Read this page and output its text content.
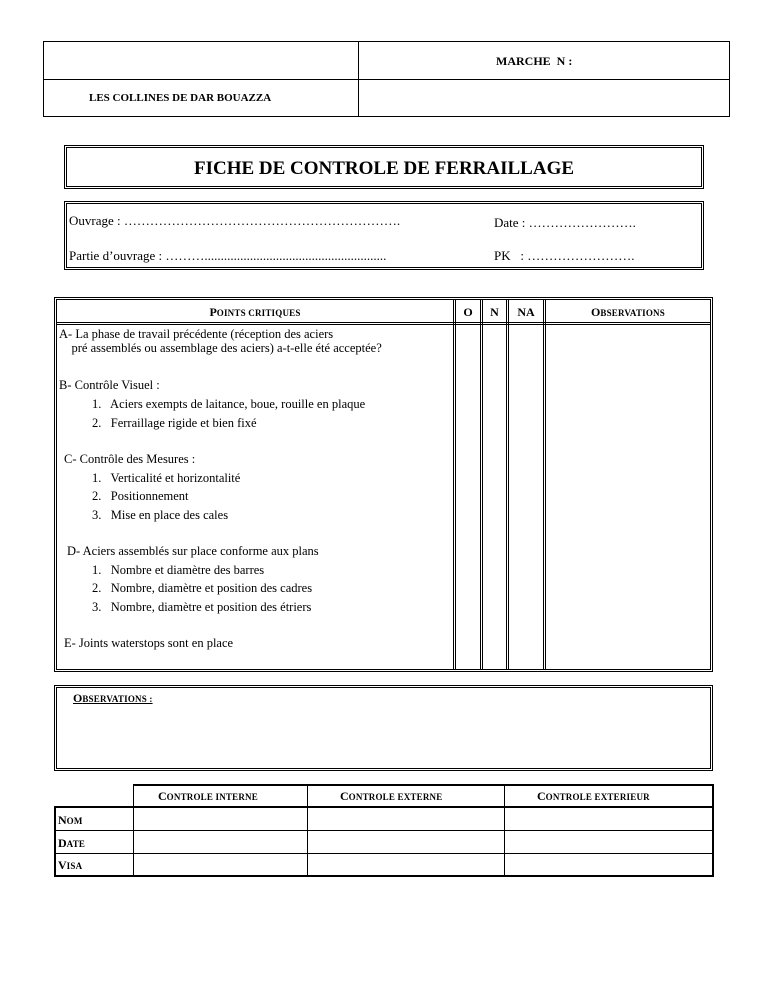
MARCHE  N :
LES COLLINES DE DAR BOUAZZA
FICHE DE CONTROLE DE FERRAILLAGE
Ouvrage : ……………………………………………………….	Date : …………………….
Partie d’ouvrage : ………........................................................	PK   : …………………….
POINTS CRITIQUES	O	N	NA	OBSERVATIONS
A- La phase de travail précédente (réception des aciers
pré assemblés ou assemblage des aciers) a-t-elle été acceptée?
B- Contrôle Visuel :
1.   Aciers exempts de laitance, boue, rouille en plaque
2.   Ferraillage rigide et bien fixé
C- Contrôle des Mesures :
1.   Verticalité et horizontalité
2.   Positionnement
3.   Mise en place des cales
D- Aciers assemblés sur place conforme aux plans
1.   Nombre et diamètre des barres
2.   Nombre, diamètre et position des cadres
3.   Nombre, diamètre et position des étriers
E- Joints waterstops sont en place
OBSERVATIONS :
CONTROLE INTERNE	CONTROLE EXTERNE	CONTROLE EXTERIEUR
NOM
DATE
VISA
